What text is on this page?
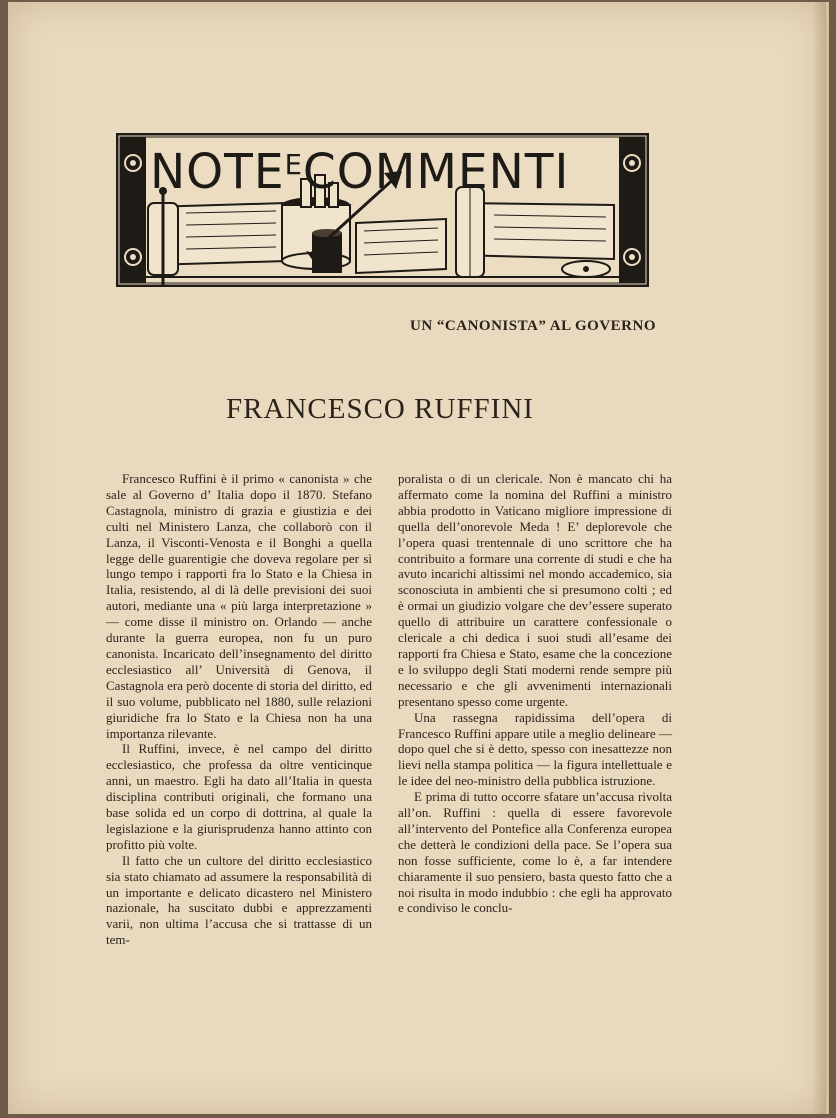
$NOTE^ECOMMENTI$
UN “CANONISTA” AL GOVERNO
FRANCESCO RUFFINI

Francesco Ruffini è il primo « canonista » che sale al Governo d’ Italia dopo il 1870. Stefano Castagnola, ministro di grazia e giustizia e dei culti nel Ministero Lanza, che collaborò con il Lanza, il Visconti-Venosta e il Bonghi a quella legge delle guarentigie che doveva regolare per sì lungo tempo i rapporti fra lo Stato e la Chiesa in Italia, resistendo, al di là delle previsioni dei suoi autori, mediante una « più larga interpretazione » — come disse il ministro on. Orlando — anche durante la guerra europea, non fu un puro canonista. Incaricato dell’insegnamento del diritto ecclesiastico all’ Università di Genova, il Castagnola era però docente di storia del diritto, ed il suo volume, pubblicato nel 1880, sulle relazioni giuridiche fra lo Stato e la Chiesa non ha una importanza rilevante.

Il Ruffini, invece, è nel campo del diritto ecclesiastico, che professa da oltre venticinque anni, un maestro. Egli ha dato all’Italia in questa disciplina contributi originali, che formano una base solida ed un corpo di dottrina, al quale la legislazione e la giurisprudenza hanno attinto con profitto più volte.

Il fatto che un cultore del diritto ecclesiastico sia stato chiamato ad assumere la responsabilità di un importante e delicato dicastero nel Ministero nazionale, ha suscitato dubbi e apprezzamenti varii, non ultima l’accusa che si trattasse di un tem-

poralista o di un clericale. Non è mancato chi ha affermato come la nomina del Ruffini a ministro abbia prodotto in Vaticano migliore impressione di quella dell’onorevole Meda ! E’ deplorevole che l’opera quasi trentennale di uno scrittore che ha contribuito a formare una corrente di studi e che ha avuto incarichi altissimi nel mondo accademico, sia sconosciuta in ambienti che si presumono colti ; ed è ormai un giudizio volgare che dev’essere superato quello di attribuire un carattere confessionale o clericale a chi dedica i suoi studi all’esame dei rapporti fra Chiesa e Stato, esame che la concezione e lo sviluppo degli Stati moderni rende sempre più necessario e che gli avvenimenti internazionali presentano spesso come urgente.

Una rassegna rapidissima dell’opera di Francesco Ruffini appare utile a meglio delineare — dopo quel che si è detto, spesso con inesattezze non lievi nella stampa politica — la figura intellettuale e le idee del neo-ministro della pubblica istruzione.

E prima di tutto occorre sfatare un’accusa rivolta all’on. Ruffini : quella di essere favorevole all’intervento del Pontefice alla Conferenza europea che detterà le condizioni della pace. Se l’opera sua non fosse sufficiente, come lo è, a far intendere chiaramente il suo pensiero, basta questo fatto che a noi risulta in modo indubbio : che egli ha approvato e condiviso le conclu-
